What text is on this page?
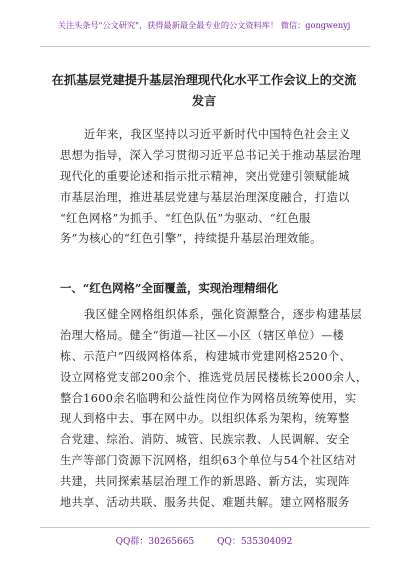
关注头条号"公文研究"，获得最新最全最专业的公文资料库！ 微信：gongwenyj
在抓基层党建提升基层治理现代化水平工作会议上的交流
发言
近年来，我区坚持以习近平新时代中国特色社会主义
思想为指导，深入学习贯彻习近平总书记关于推动基层治理
现代化的重要论述和指示批示精神，突出党建引领赋能城
市基层治理，推进基层党建与基层治理深度融合，打造以
“红色网格”为抓手、“红色队伍”为驱动、“红色服
务”为核心的“红色引擎”，持续提升基层治理效能。
一、“红色网格”全面覆盖，实现治理精细化
我区健全网格组织体系，强化资源整合，逐步构建基层
治理大格局。健全“街道—社区—小区（辖区单位）—楼
栋、示范户”四级网格体系，构建城市党建网格2520个、
设立网格党支部200余个、推选党员居民楼栋长2000余人，
整合1600余名临聘和公益性岗位作为网格员统筹使用，实
现人到格中去、事在网中办。以组织体系为架构，统筹整
合党建、综治、消防、城管、民族宗教、人民调解、安全
生产等部门资源下沉网格，组织63个单位与54个社区结对
共建，共同探索基层治理工作的新思路、新方法，实现阵
地共享、活动共联、服务共促、难题共解。建立网格服务
QQ群：30265665	QQ：535304092
